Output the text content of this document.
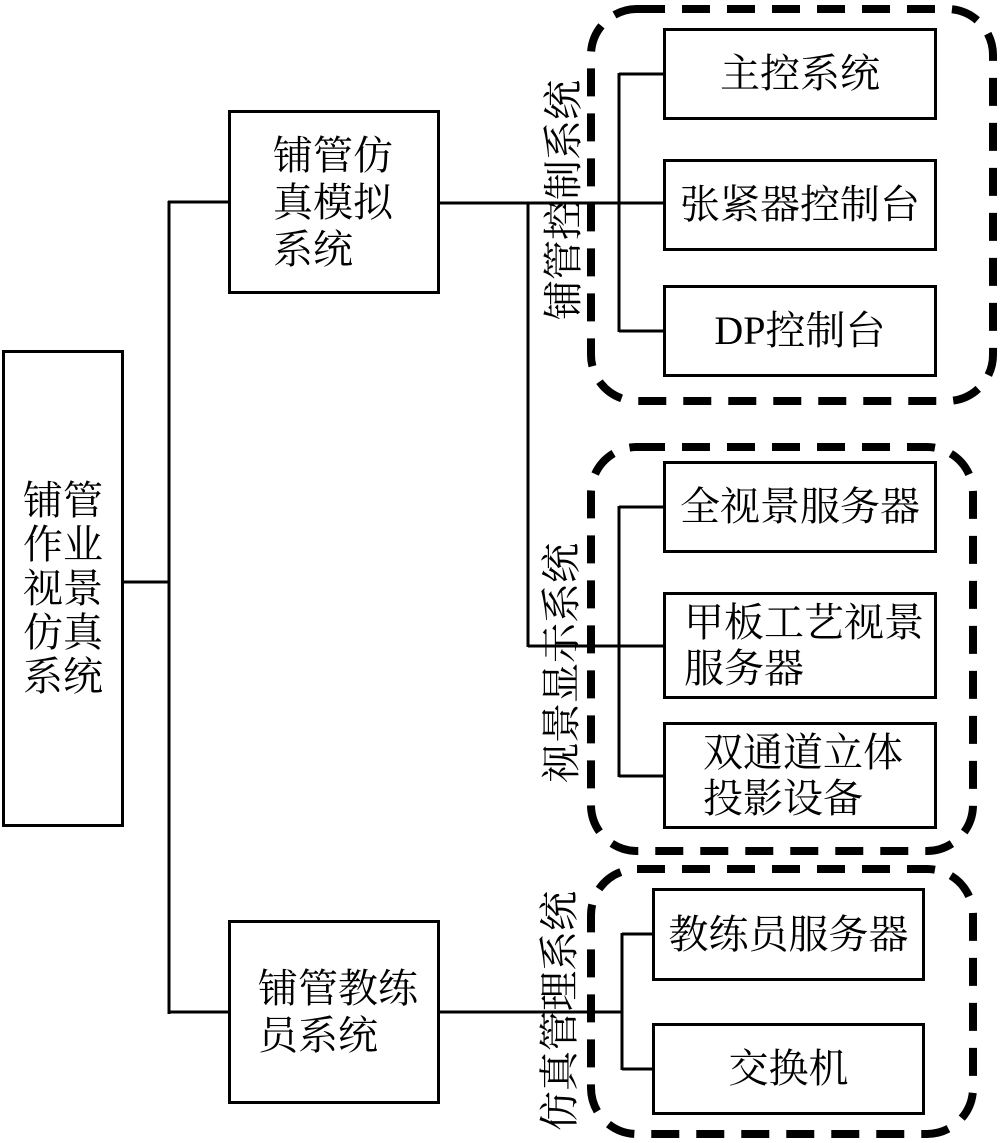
铺管
作业
视景
仿真
系统
铺管仿
真模拟
系统
铺管教练
员系统
铺管控制系统
主控系统
张紧器控制台
DP控制台
视景显示系统
全视景服务器
甲板工艺视景
服务器
双通道立体
投影设备
仿真管理系统	教练员服务器
交换机
